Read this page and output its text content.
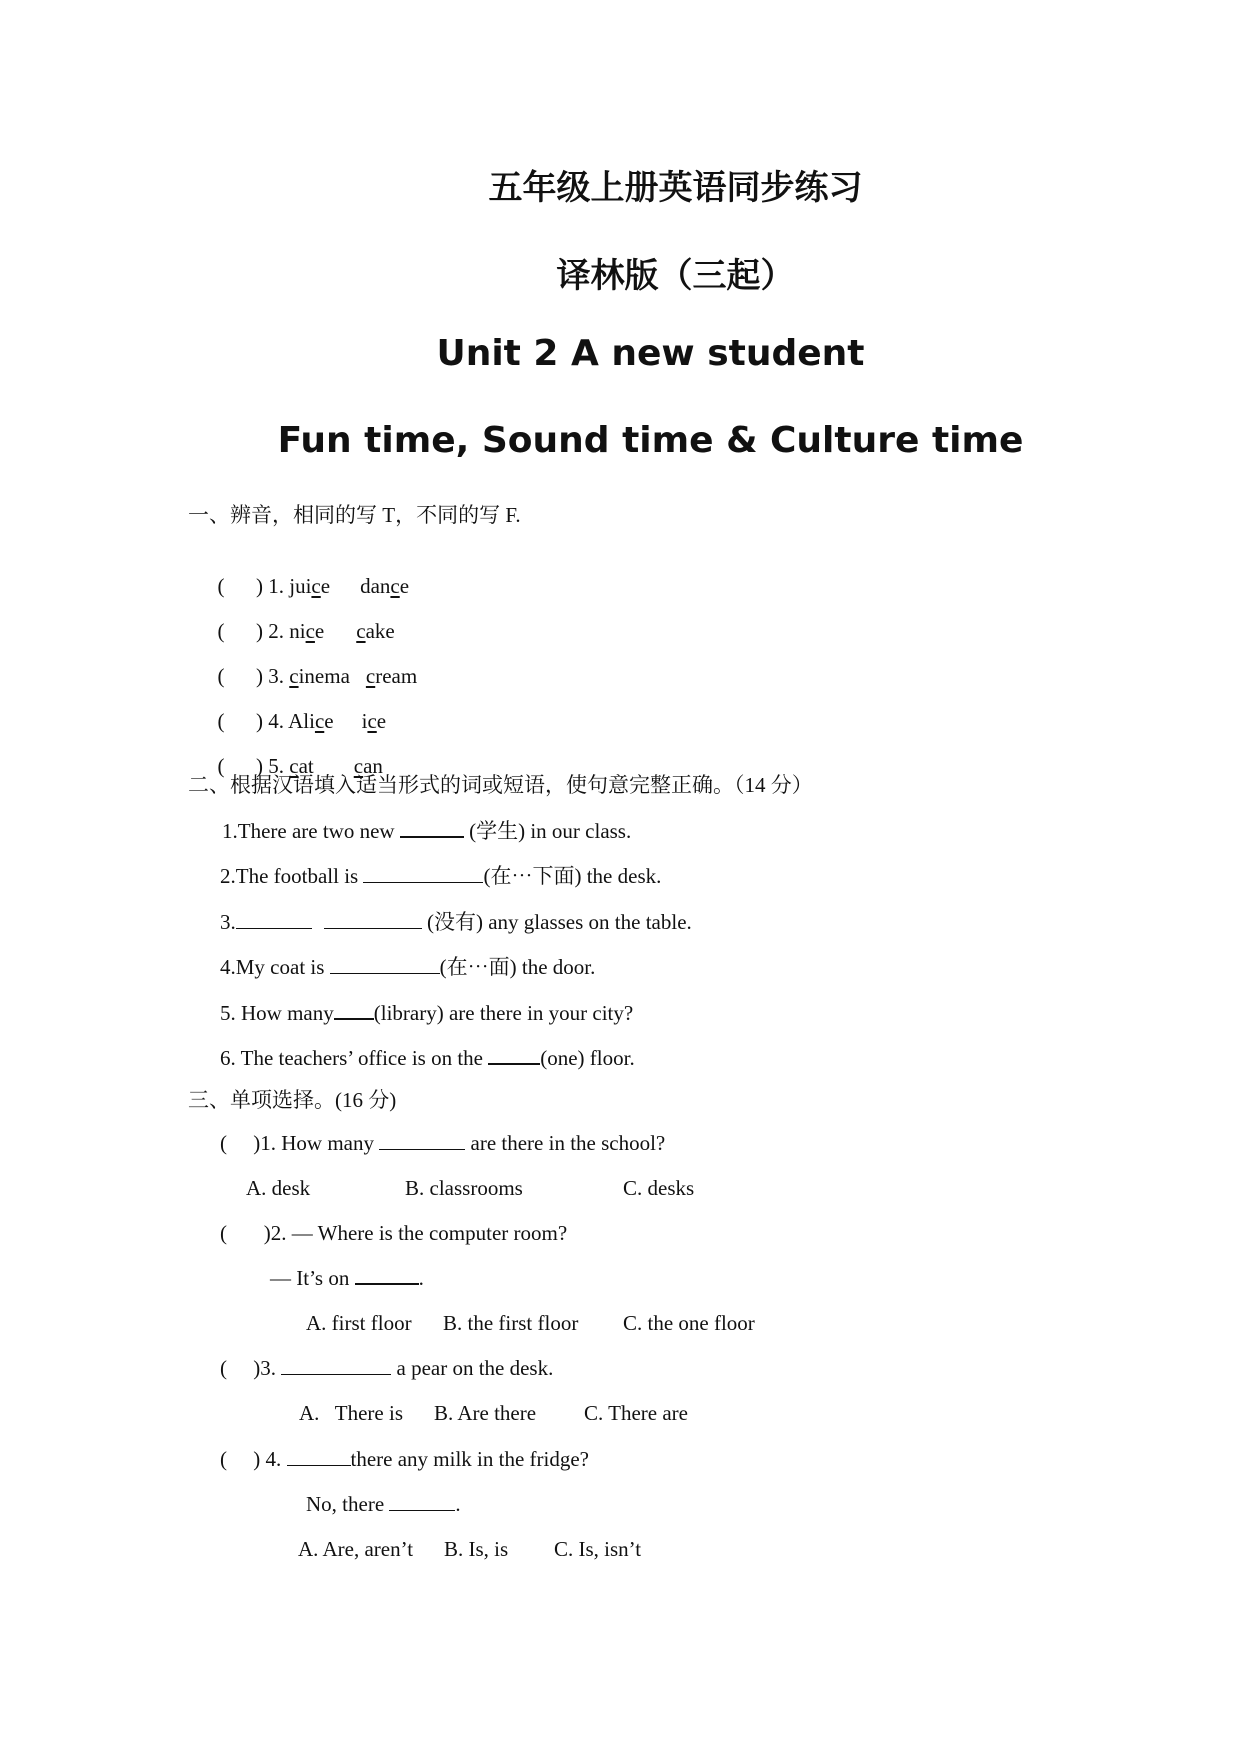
五年级上册英语同步练习
译林版（三起）
Unit 2 A new student
Fun time, Sound time & Culture time
一、辨音，相同的写 T，不同的写 F.

(      ) 1. juice dance

(      ) 2. nice cake

(      ) 3. cinema cream

(      ) 4. Alice ice

(      ) 5. cat can

二、根据汉语填入适当形式的词或短语，使句意完整正确。（14 分）
1.There are two new	(学生) in our class.
2.The football is	(在⋯下面) the desk.
3.	(没有) any glasses on the table.
4.My coat is	(在⋯面) the door.
5. How many (library) are there in your city?
6. The teachers’ office is on the (one) floor.
三、单项选择。(16 分)
(     )1. How many	are there in the school?
A. desk	B. classrooms	C. desks
(       )2. — Where is the computer room?
— It’s on	.
A. first floor B. the first floor C. the one floor
(     )3.	a pear on the desk.
A.   There is B. Are there C. There are
(     ) 4.	there any milk in the fridge?
No, there	.
A. Are, aren’t B. Is, is C. Is, isn’t
